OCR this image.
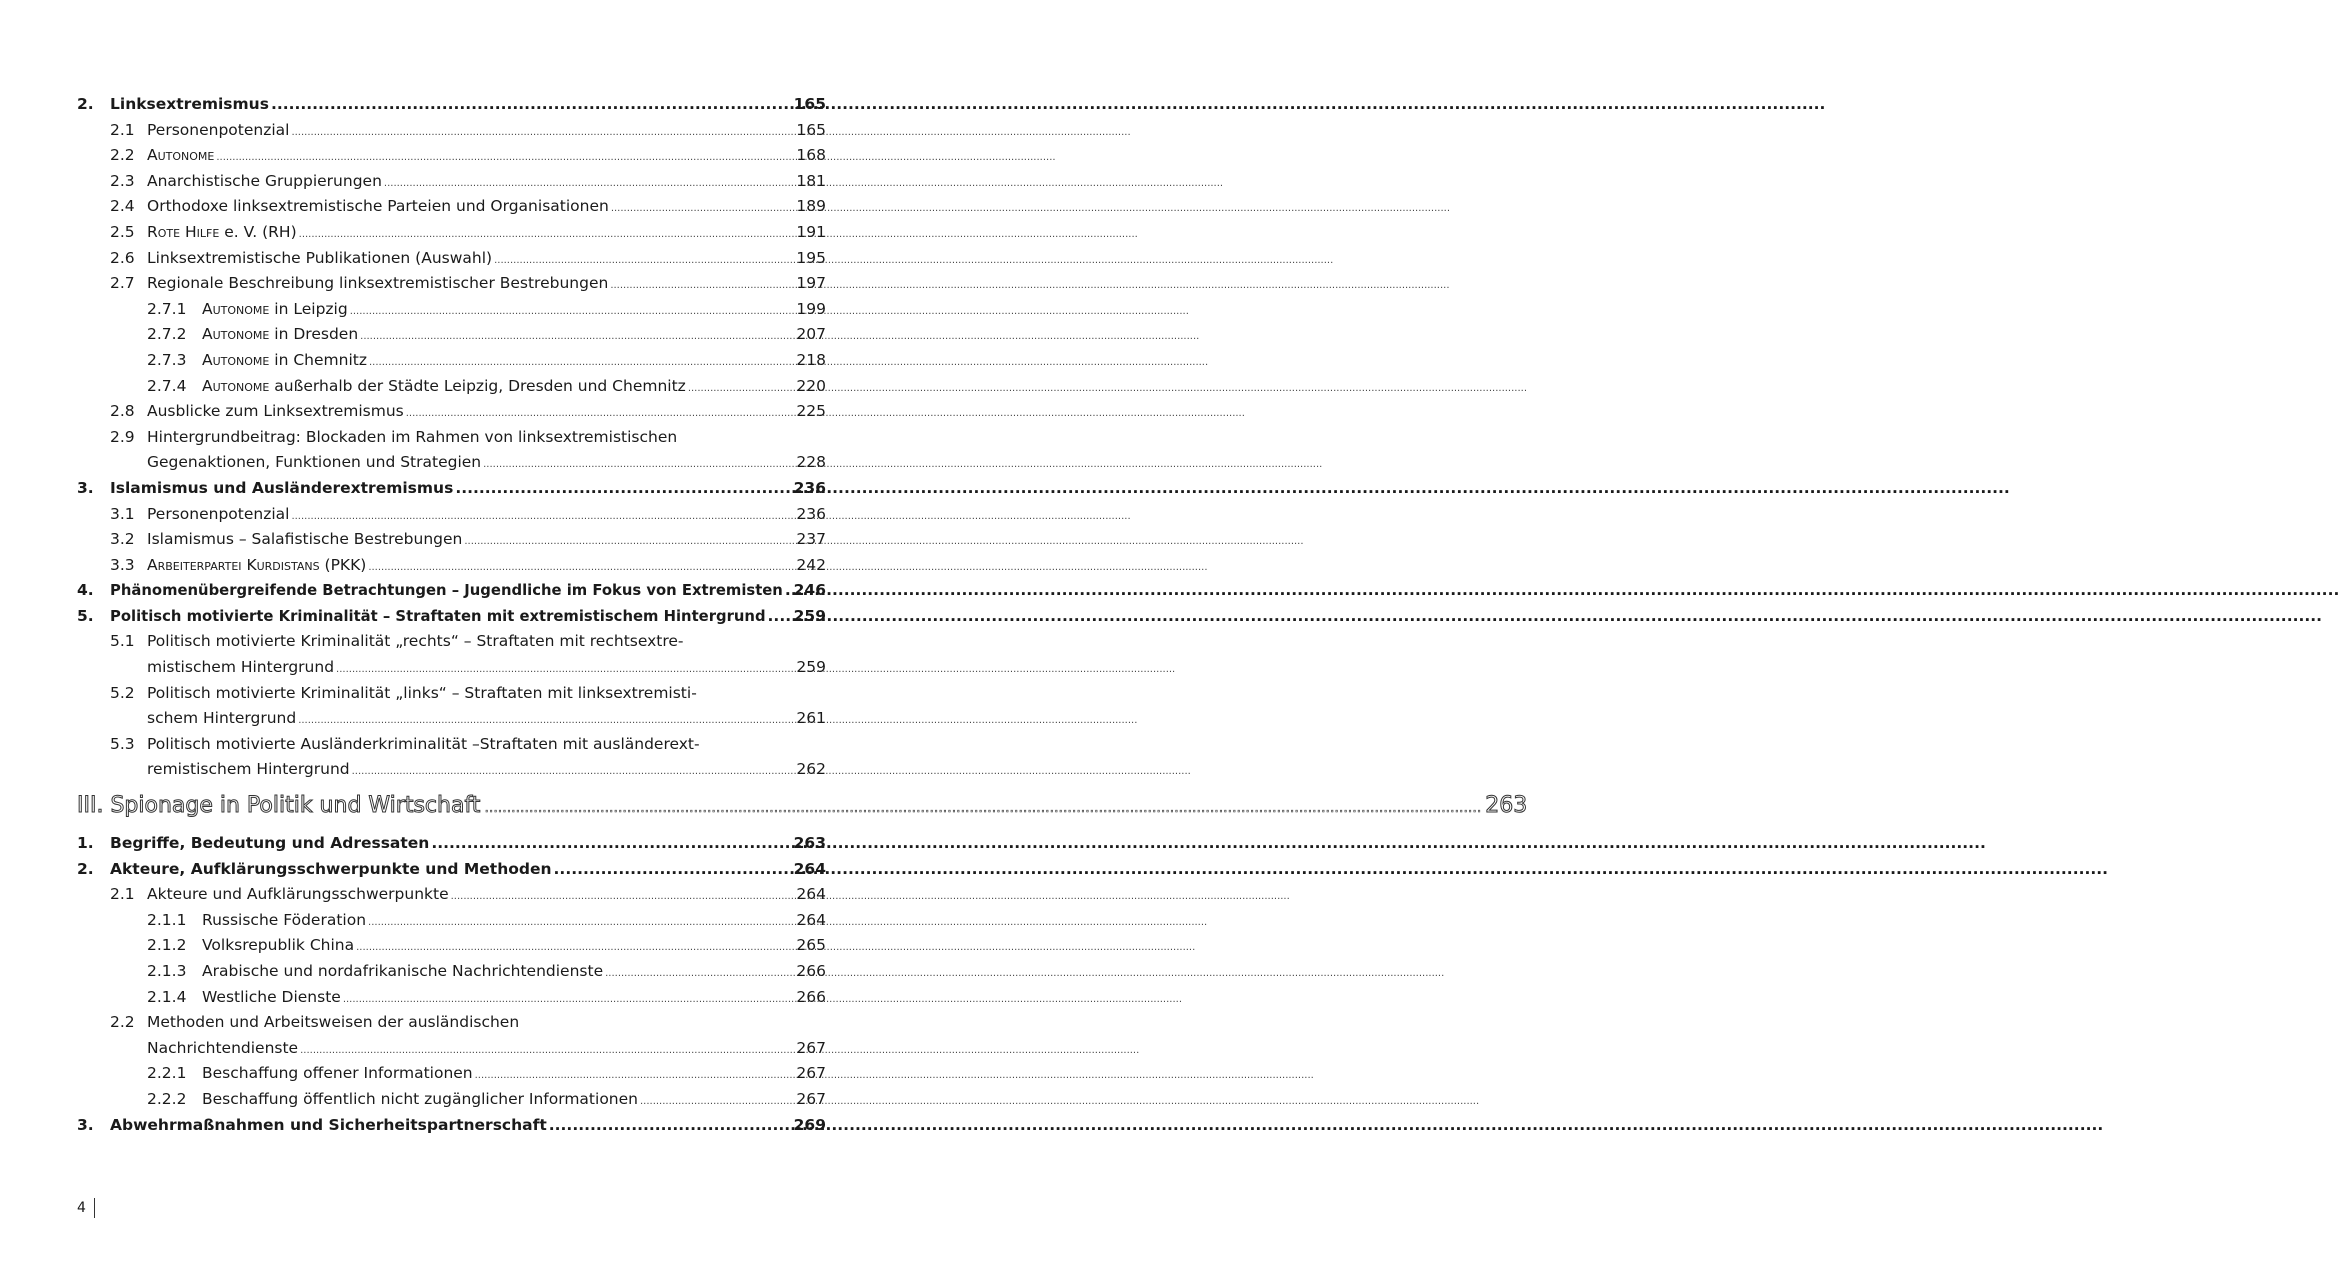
2.	Linksextremismus .....	165
2.1 Personenpotenzial .....	165
2.2 Autonome .....	168
2.3 Anarchistische Gruppierungen .....	181
2.4 Orthodoxe linksextremistische Parteien und Organisationen .....	189
2.5 Rote Hilfe e. V. (RH) .....	191
2.6 Linksextremistische Publikationen (Auswahl) .....	195
2.7 Regionale Beschreibung linksextremistischer Bestrebungen .....	197
2.7.1	Autonome in Leipzig .....	199
2.7.2	Autonome in Dresden .....	207
2.7.3	Autonome in Chemnitz .....	218
2.7.4	Autonome außerhalb der Städte Leipzig, Dresden und Chemnitz .....	220
2.8 Ausblicke zum Linksextremismus .....	225
2.9 Hintergrundbeitrag: Blockaden im Rahmen von linksextremistischen
Gegenaktionen, Funktionen und Strategien .....	228
3.	Islamismus und Ausländerextremismus .....	236
3.1 Personenpotenzial .....	236
3.2 Islamismus – Salafistische Bestrebungen .....	237
3.3 Arbeiterpartei Kurdistans (PKK) .....	242
4.	Phänomenübergreifende Betrachtungen – Jugendliche im Fokus von Extremisten ..... 246
5.	Politisch motivierte Kriminalität – Straftaten mit extremistischem Hintergrund ..... 259
5.1 Politisch motivierte Kriminalität „rechts“ – Straftaten mit rechtsextre-
mistischem Hintergrund .....	259
5.2 Politisch motivierte Kriminalität „links“ – Straftaten mit linksextremisti-
schem Hintergrund .....	261
5.3 Politisch motivierte Ausländerkriminalität –Straftaten mit ausländerext-
remistischem Hintergrund .....	262
III. Spionage in Politik und Wirtschaft .....	263
1.	Begriffe, Bedeutung und Adressaten .....	263
2.	Akteure, Aufklärungsschwerpunkte und Methoden .....	264
2.1 Akteure und Aufklärungsschwerpunkte .....	264
2.1.1	Russische Föderation .....	264
2.1.2	Volksrepublik China .....	265
2.1.3	Arabische und nordafrikanische Nachrichtendienste .....	266
2.1.4	Westliche Dienste .....	266
2.2 Methoden und Arbeitsweisen der ausländischen
Nachrichtendienste .....	267
2.2.1	Beschaffung offener Informationen .....	267
2.2.2	Beschaffung öffentlich nicht zugänglicher Informationen .....	267
3.	Abwehrmaßnahmen und Sicherheitspartnerschaft .....	269
4
